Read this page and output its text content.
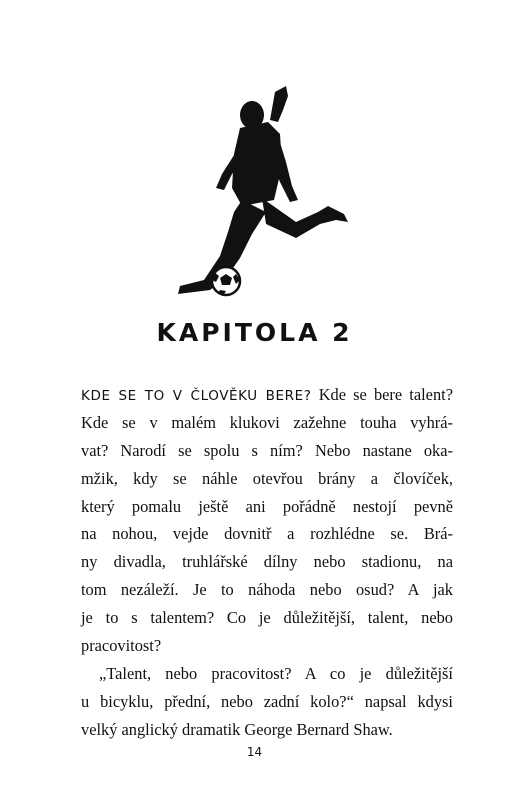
KAPITOLA 2
KDE SE TO V ČLOVĚKU BERE? Kde se bere talent?
Kde se v malém klukovi zažehne touha vyhrá-
vat? Narodí se spolu s ním? Nebo nastane oka-
mžik, kdy se náhle otevřou brány a človíček,
který pomalu ještě ani pořádně nestojí pevně
na nohou, vejde dovnitř a rozhlédne se. Brá-
ny divadla, truhlářské dílny nebo stadionu, na
tom nezáleží. Je to náhoda nebo osud? A jak
je to s talentem? Co je důležitější, talent, nebo
pracovitost?
„Talent, nebo pracovitost? A co je důležitější
u bicyklu, přední, nebo zadní kolo?“ napsal kdysi
velký anglický dramatik George Bernard Shaw.
14
